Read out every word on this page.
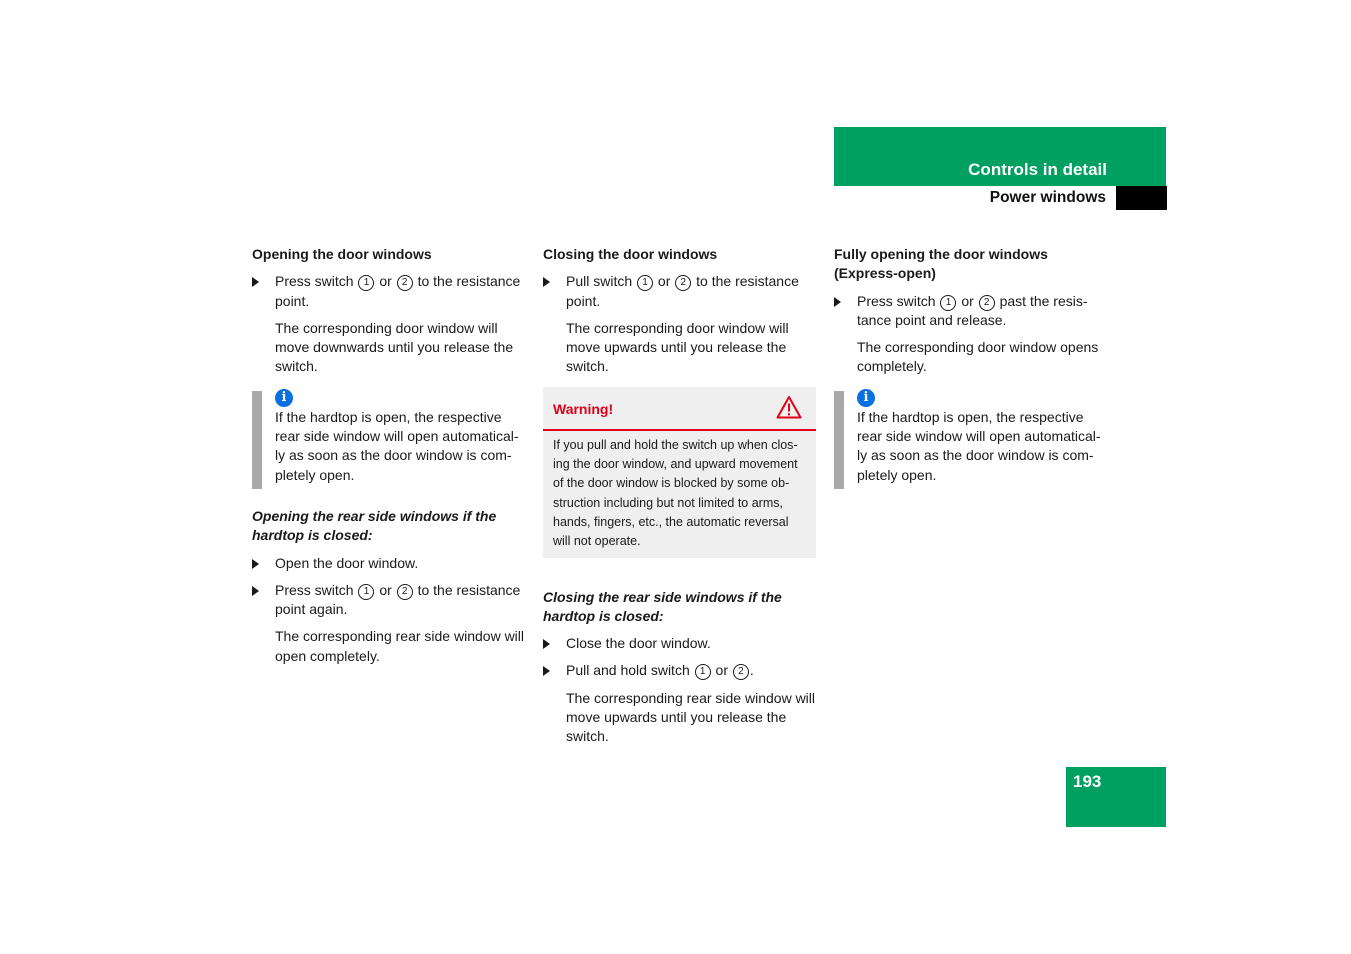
Controls in detail
Power windows

Opening the door windows

Press switch 1 or 2 to the resistance point.

The corresponding door window will move downwards until you release the switch.

i
If the hardtop is open, the respective rear side window will open automatical-ly as soon as the door window is com-pletely open.

Opening the rear side windows if the hardtop is closed:

Open the door window.
Press switch 1 or 2 to the resistance point again.

The corresponding rear side window will open completely.

Closing the door windows

Pull switch 1 or 2 to the resistance point.

The corresponding door window will move upwards until you release the switch.

Warning!
If you pull and hold the switch up when clos-ing the door window, and upward movement of the door window is blocked by some ob-struction including but not limited to arms, hands, fingers, etc., the automatic reversal will not operate.

Closing the rear side windows if the hardtop is closed:

Close the door window.
Pull and hold switch 1 or 2 .

The corresponding rear side window will move upwards until you release the switch.

Fully opening the door windows (Express-open)

Press switch 1 or 2 past the resis-tance point and release.

The corresponding door window opens completely.

i
If the hardtop is open, the respective rear side window will open automatical-ly as soon as the door window is com-pletely open.
193
